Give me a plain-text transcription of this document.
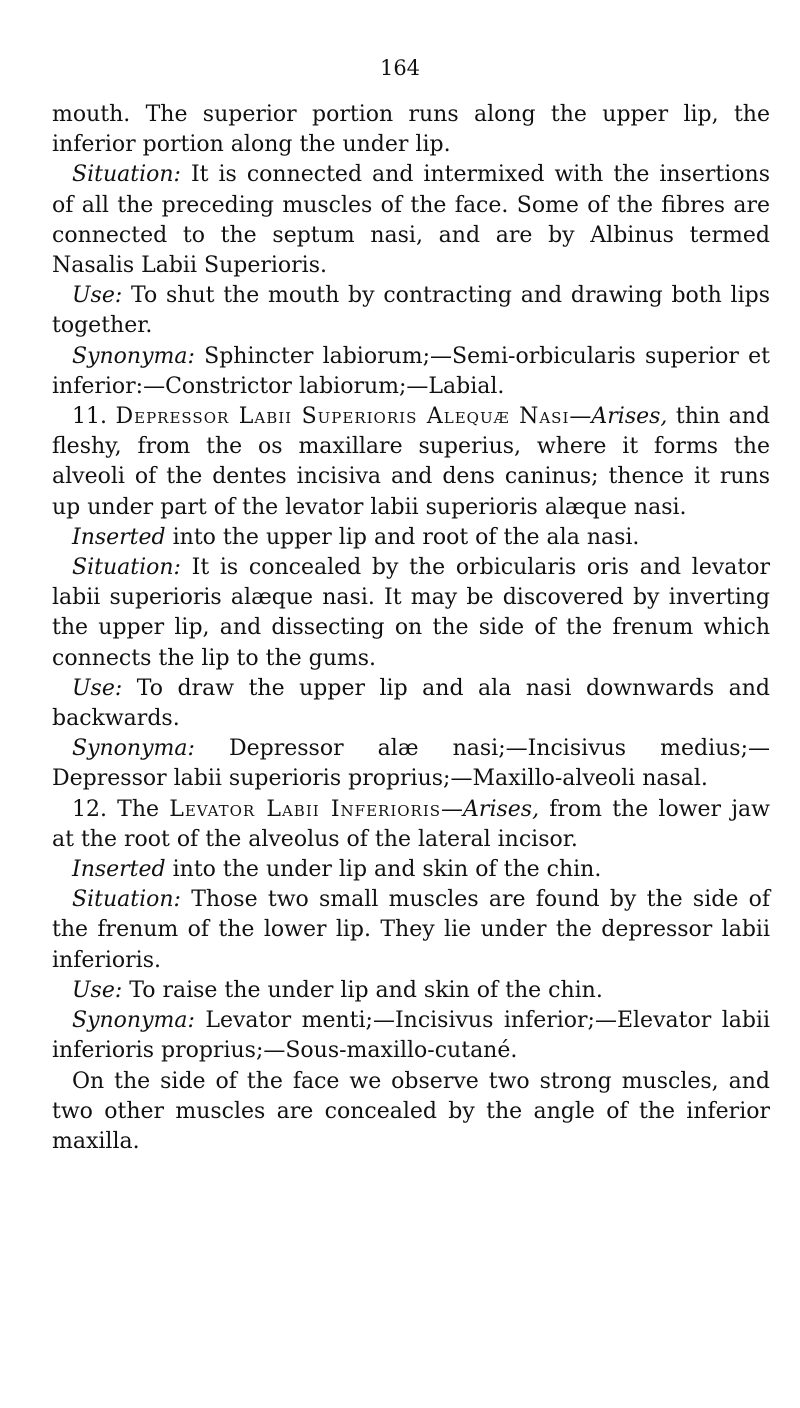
164

mouth. The superior portion runs along the upper lip, the inferior portion along the under lip.

Situation: It is connected and intermixed with the insertions of all the preceding muscles of the face. Some of the fibres are connected to the septum nasi, and are by Albinus termed Nasalis Labii Superioris.

Use: To shut the mouth by contracting and drawing both lips together.

Synonyma: Sphincter labiorum;—Semi-orbicularis superior et inferior:—Constrictor labiorum;—Labial.

11. Depressor Labii Superioris Alequæ Nasi—Arises, thin and fleshy, from the os maxillare superius, where it forms the alveoli of the dentes incisiva and dens caninus; thence it runs up under part of the levator labii superioris alæque nasi.

Inserted into the upper lip and root of the ala nasi.

Situation: It is concealed by the orbicularis oris and levator labii superioris alæque nasi. It may be discovered by inverting the upper lip, and dissecting on the side of the frenum which connects the lip to the gums.

Use: To draw the upper lip and ala nasi downwards and backwards.

Synonyma: Depressor alæ nasi;—Incisivus medius;—Depressor labii superioris proprius;—Maxillo-alveoli nasal.

12. The Levator Labii Inferioris—Arises, from the lower jaw at the root of the alveolus of the lateral incisor.

Inserted into the under lip and skin of the chin.

Situation: Those two small muscles are found by the side of the frenum of the lower lip. They lie under the depressor labii inferioris.

Use: To raise the under lip and skin of the chin.

Synonyma: Levator menti;—Incisivus inferior;—Elevator labii inferioris proprius;—Sous-maxillo-cutané.

On the side of the face we observe two strong muscles, and two other muscles are concealed by the angle of the inferior maxilla.
